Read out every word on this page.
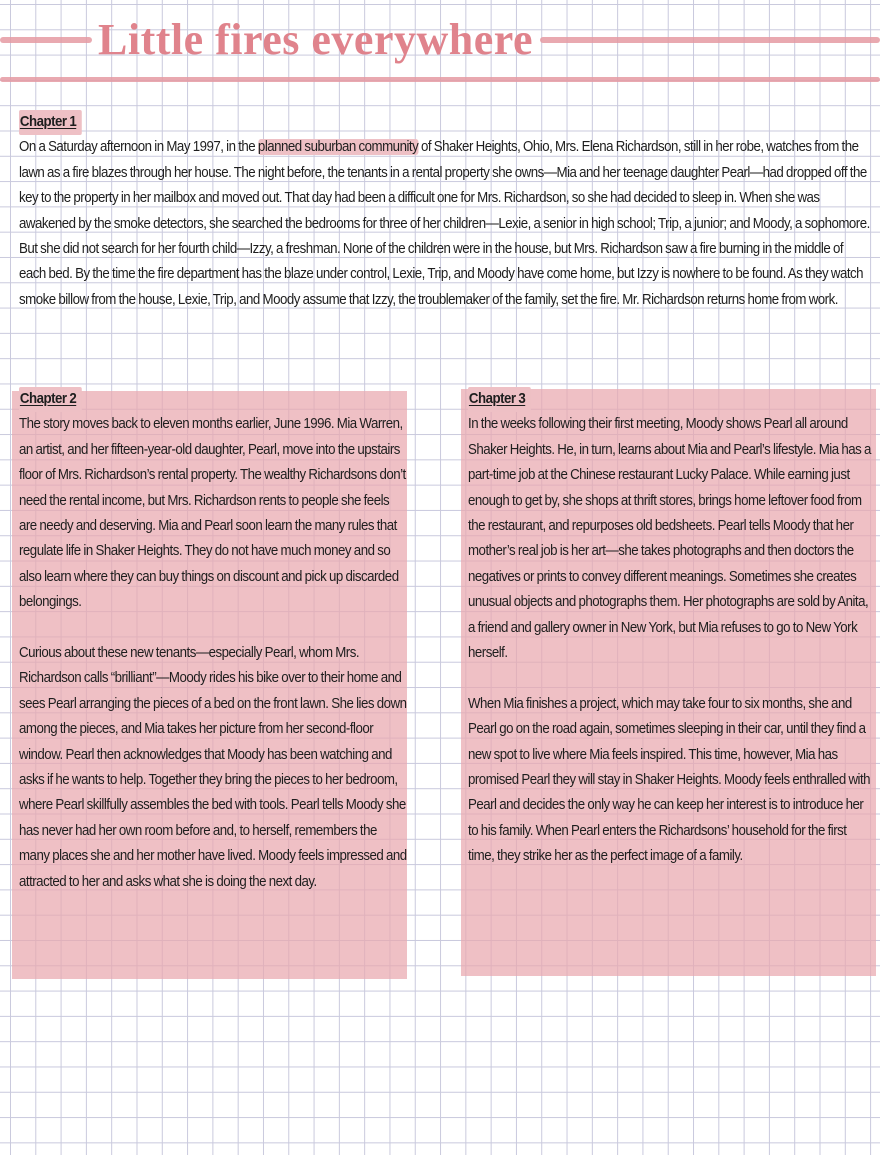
Little fires everywhere
Chapter 1

On a Saturday afternoon in May 1997, in the planned suburban community of Shaker Heights, Ohio, Mrs. Elena Richardson, still in her robe, watches from the lawn as a fire blazes through her house. The night before, the tenants in a rental property she owns—Mia and her teenage daughter Pearl—had dropped off the key to the property in her mailbox and moved out. That day had been a difficult one for Mrs. Richardson, so she had decided to sleep in. When she was awakened by the smoke detectors, she searched the bedrooms for three of her children—Lexie, a senior in high school; Trip, a junior; and Moody, a sophomore. But she did not search for her fourth child—Izzy, a freshman. None of the children were in the house, but Mrs. Richardson saw a fire burning in the middle of each bed. By the time the fire department has the blaze under control, Lexie, Trip, and Moody have come home, but Izzy is nowhere to be found. As they watch smoke billow from the house, Lexie, Trip, and Moody assume that Izzy, the troublemaker of the family, set the fire. Mr. Richardson returns home from work.

Chapter 2

The story moves back to eleven months earlier, June 1996. Mia Warren, an artist, and her fifteen-year-old daughter, Pearl, move into the upstairs floor of Mrs. Richardson’s rental property. The wealthy Richardsons don’t need the rental income, but Mrs. Richardson rents to people she feels are needy and deserving. Mia and Pearl soon learn the many rules that regulate life in Shaker Heights. They do not have much money and so also learn where they can buy things on discount and pick up discarded belongings.

Curious about these new tenants—especially Pearl, whom Mrs. Richardson calls “brilliant”—Moody rides his bike over to their home and sees Pearl arranging the pieces of a bed on the front lawn. She lies down among the pieces, and Mia takes her picture from her second-floor window. Pearl then acknowledges that Moody has been watching and asks if he wants to help. Together they bring the pieces to her bedroom, where Pearl skillfully assembles the bed with tools. Pearl tells Moody she has never had her own room before and, to herself, remembers the many places she and her mother have lived. Moody feels impressed and attracted to her and asks what she is doing the next day.

Chapter 3

In the weeks following their first meeting, Moody shows Pearl all around Shaker Heights. He, in turn, learns about Mia and Pearl’s lifestyle. Mia has a part-time job at the Chinese restaurant Lucky Palace. While earning just enough to get by, she shops at thrift stores, brings home leftover food from the restaurant, and repurposes old bedsheets. Pearl tells Moody that her mother’s real job is her art—she takes photographs and then doctors the negatives or prints to convey different meanings. Sometimes she creates unusual objects and photographs them. Her photographs are sold by Anita, a friend and gallery owner in New York, but Mia refuses to go to New York herself.

When Mia finishes a project, which may take four to six months, she and Pearl go on the road again, sometimes sleeping in their car, until they find a new spot to live where Mia feels inspired. This time, however, Mia has promised Pearl they will stay in Shaker Heights. Moody feels enthralled with Pearl and decides the only way he can keep her interest is to introduce her to his family. When Pearl enters the Richardsons’ household for the first time, they strike her as the perfect image of a family.
